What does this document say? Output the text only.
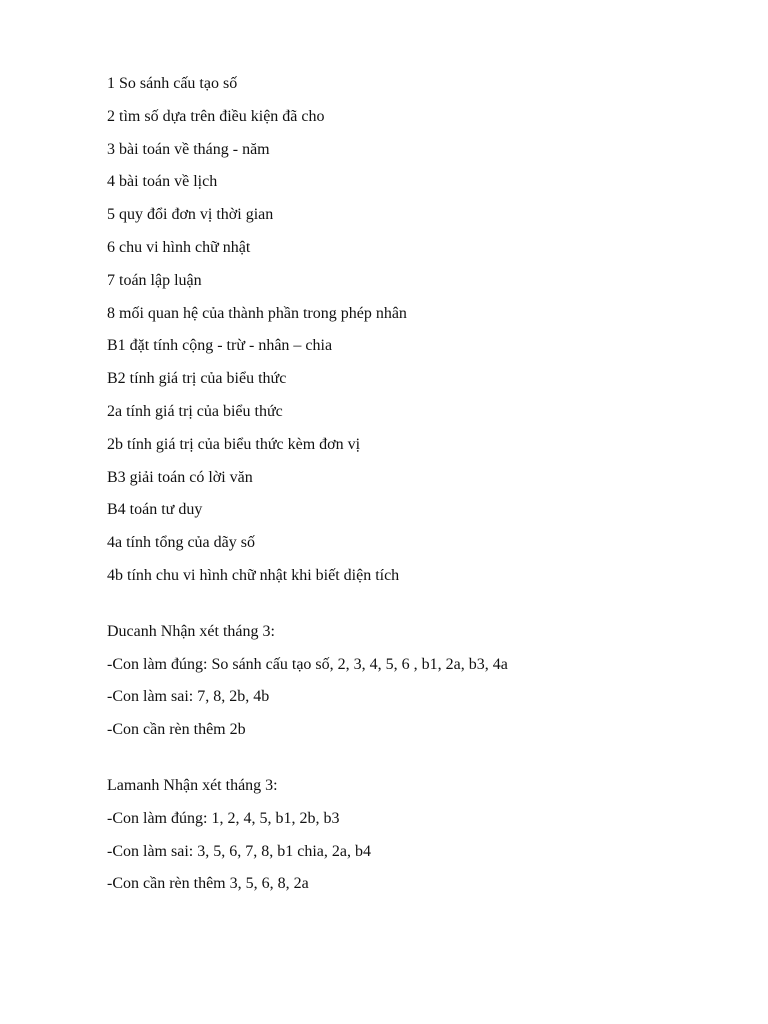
1 So sánh cấu tạo số
2 tìm số dựa trên điều kiện đã cho
3 bài toán về tháng - năm
4 bài toán về lịch
5 quy đổi đơn vị thời gian
6 chu vi hình chữ nhật
7 toán lập luận
8 mối quan hệ của thành phần trong phép nhân
B1 đặt tính cộng - trừ - nhân – chia
B2 tính giá trị của biểu thức
2a tính giá trị của biểu thức
2b tính giá trị của biểu thức kèm đơn vị
B3 giải toán có lời văn
B4 toán tư duy
4a tính tổng của dãy số
4b tính chu vi hình chữ nhật khi biết diện tích
Ducanh Nhận xét tháng 3:
-Con làm đúng: So sánh cấu tạo số, 2, 3, 4, 5, 6 , b1, 2a, b3, 4a
-Con làm sai: 7, 8, 2b, 4b
-Con cần rèn thêm 2b
Lamanh Nhận xét tháng 3:
-Con làm đúng: 1, 2, 4, 5, b1, 2b, b3
-Con làm sai: 3, 5, 6, 7, 8, b1 chia, 2a, b4
-Con cần rèn thêm 3, 5, 6, 8, 2a
